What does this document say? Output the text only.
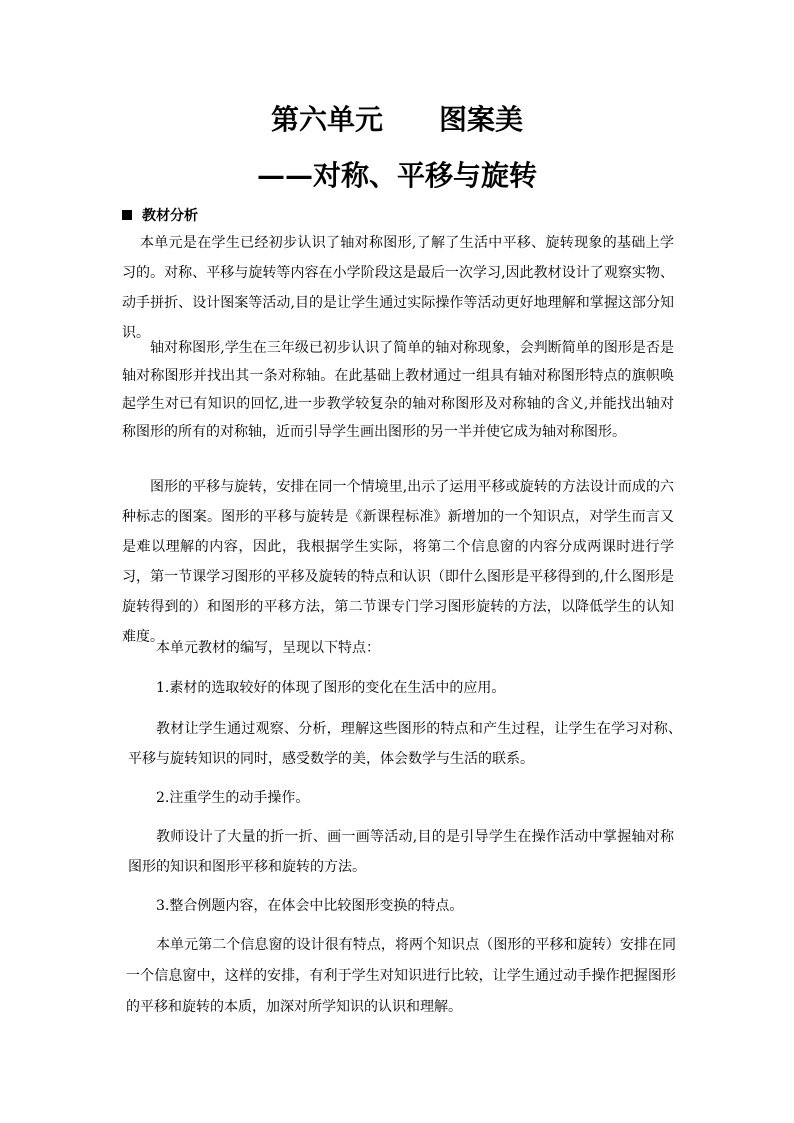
第六单元　　图案美
——对称、平移与旋转
教材分析
本单元是在学生已经初步认识了轴对称图形,了解了生活中平移、旋转现象的基础上学习的。对称、平移与旋转等内容在小学阶段这是最后一次学习,因此教材设计了观察实物、动手拼折、设计图案等活动,目的是让学生通过实际操作等活动更好地理解和掌握这部分知识。
轴对称图形,学生在三年级已初步认识了简单的轴对称现象，会判断简单的图形是否是轴对称图形并找出其一条对称轴。在此基础上教材通过一组具有轴对称图形特点的旗帜唤起学生对已有知识的回忆,进一步教学较复杂的轴对称图形及对称轴的含义,并能找出轴对称图形的所有的对称轴，近而引导学生画出图形的另一半并使它成为轴对称图形。
图形的平移与旋转，安排在同一个情境里,出示了运用平移或旋转的方法设计而成的六种标志的图案。图形的平移与旋转是《新课程标准》新增加的一个知识点，对学生而言又是难以理解的内容，因此，我根据学生实际，将第二个信息窗的内容分成两课时进行学习，第一节课学习图形的平移及旋转的特点和认识（即什么图形是平移得到的,什么图形是旋转得到的）和图形的平移方法，第二节课专门学习图形旋转的方法，以降低学生的认知难度。
本单元教材的编写，呈现以下特点：
1.素材的选取较好的体现了图形的变化在生活中的应用。
教材让学生通过观察、分析，理解这些图形的特点和产生过程，让学生在学习对称、平移与旋转知识的同时，感受数学的美，体会数学与生活的联系。
2.注重学生的动手操作。
教师设计了大量的折一折、画一画等活动,目的是引导学生在操作活动中掌握轴对称图形的知识和图形平移和旋转的方法。
3.整合例题内容，在体会中比较图形变换的特点。
本单元第二个信息窗的设计很有特点，将两个知识点（图形的平移和旋转）安排在同一个信息窗中，这样的安排，有利于学生对知识进行比较，让学生通过动手操作把握图形的平移和旋转的本质，加深对所学知识的认识和理解。
